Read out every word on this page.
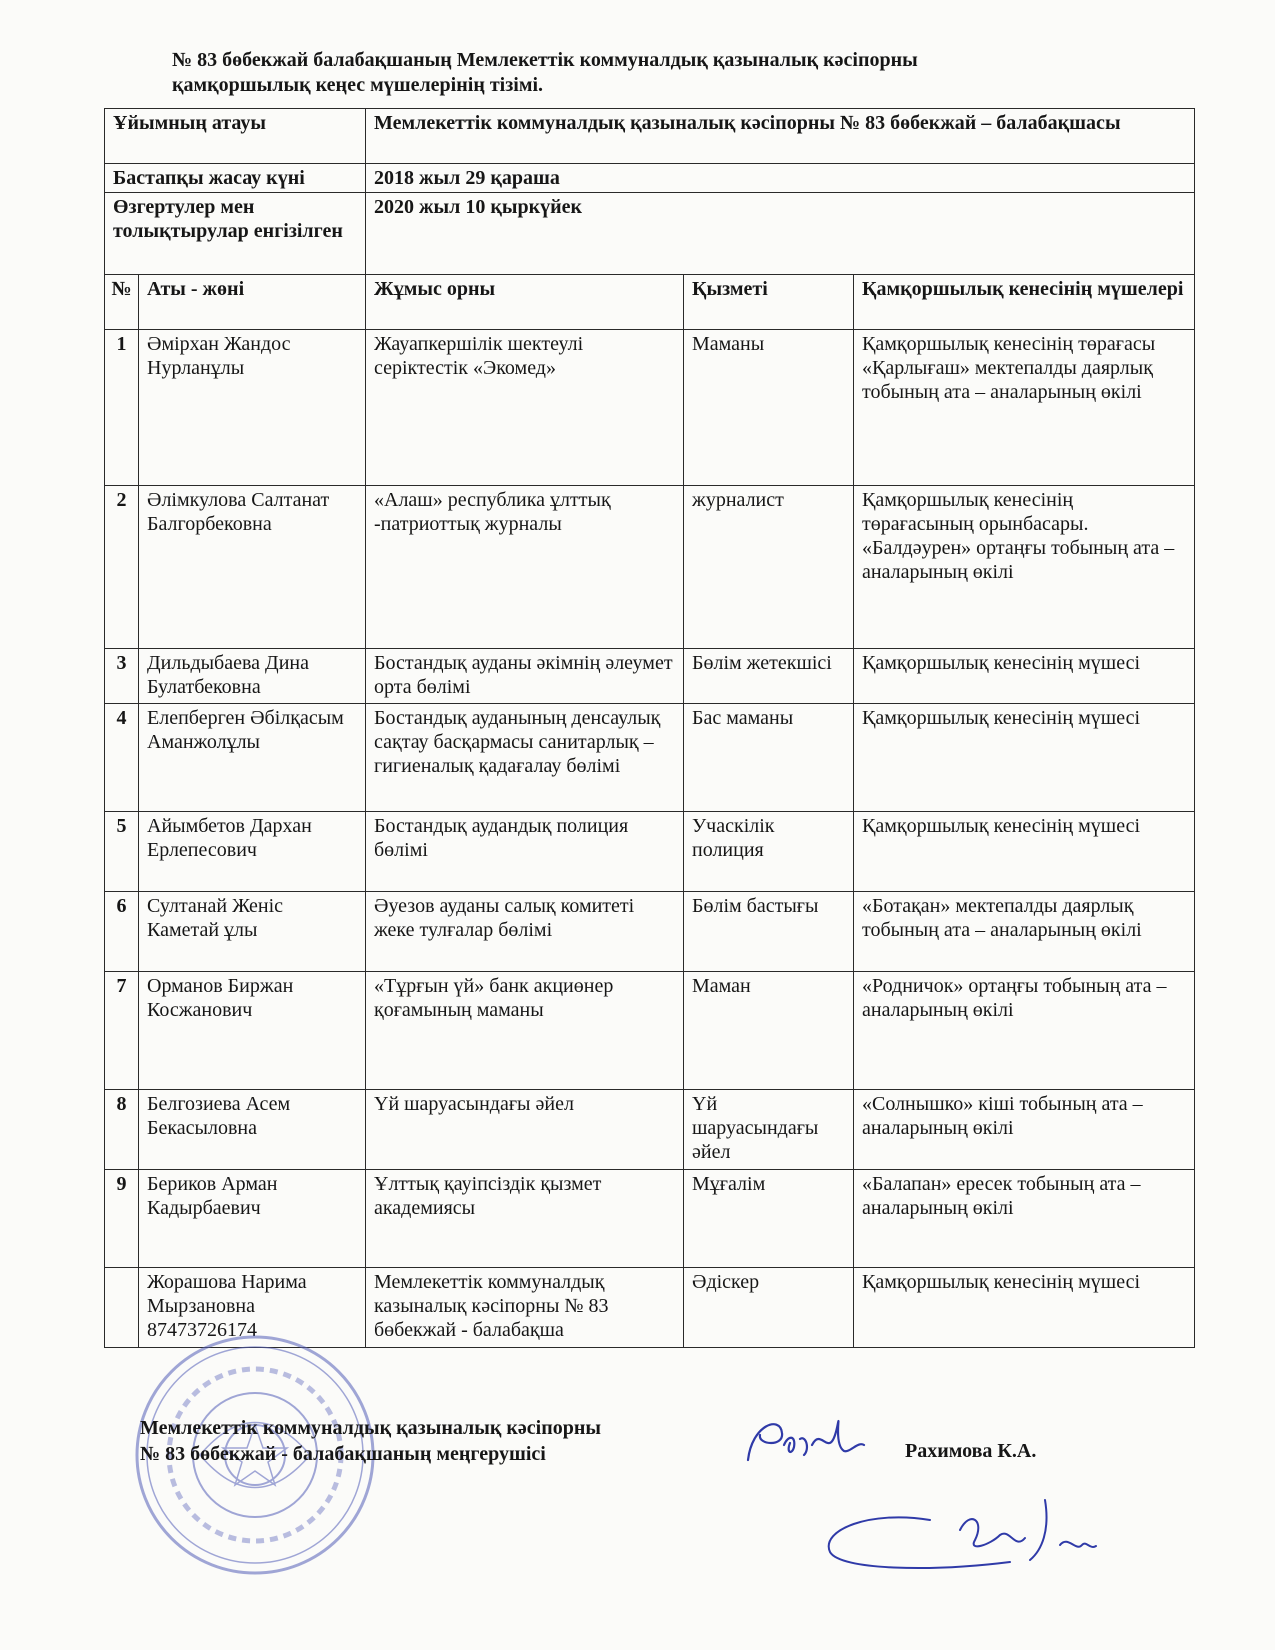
№ 83 бөбекжай балабақшаның Мемлекеттік коммуналдық қазыналық кәсіпорны
қамқоршылық кеңес мүшелерінің тізімі.
Ұйымның атауы		Мемлекеттік коммуналдық қазыналық кәсіпорны № 83 бөбекжай – балабақшасы		
Бастапқы жасау күні		2018 жыл 29 қараша		
Өзгертулер мен толықтырулар енгізілген		2020 жыл 10 қыркүйек		
№	Аты - жөні	Жұмыс орны	Қызметі	Қамқоршылық кенесінің мүшелері
1	Әмірхан Жандос Нурланұлы	Жауапкершілік шектеулі серіктестік «Экомед»	Маманы	Қамқоршылық кенесінің төрағасы «Қарлығаш» мектепалды даярлық тобының ата – аналарының өкілі
2	Әлімкулова Салтанат Балгорбековна	«Алаш» республика ұлттық -патриоттық журналы	журналист	Қамқоршылық кенесінің төрағасының орынбасары. «Балдәурен» ортаңғы тобының ата – аналарының өкілі
3	Дильдыбаева Дина Булатбековна	Бостандық ауданы әкімнің әлеумет орта бөлімі	Бөлім жетекшісі	Қамқоршылық кенесінің мүшесі
4	Елепберген Әбілқасым Аманжолұлы	Бостандық ауданының денсаулық сақтау басқармасы санитарлық – гигиеналық қадағалау бөлімі	Бас маманы	Қамқоршылық кенесінің мүшесі
5	Айымбетов Дархан Ерлепесович	Бостандық аудандық полиция бөлімі	Учаскілік полиция	Қамқоршылық кенесінің мүшесі
6	Султанай Женіс Каметай ұлы	Әуезов ауданы салық комитеті жеке тулғалар бөлімі	Бөлім бастығы	«Ботақан» мектепалды даярлық тобының ата – аналарының өкілі
7	Орманов Биржан Косжанович	«Тұрғын үй» банк акциөнер қоғамының маманы	Маман	«Родничок» ортаңғы тобының ата – аналарының өкілі
8	Белгозиева Асем Бекасыловна	Үй шаруасындағы әйел	Үй шаруасындағы әйел	«Солнышко» кіші тобының ата – аналарының өкілі
9	Бериков Арман Кадырбаевич	Ұлттық қауіпсіздік қызмет академиясы	Мұғалім	«Балапан» ересек тобының ата – аналарының өкілі
	Жорашова Нарима Мырзановна 87473726174	Мемлекеттік коммуналдық казыналық кәсіпорны № 83 бөбекжай - балабақша	Әдіскер	Қамқоршылық кенесінің мүшесі
Мемлекеттік коммуналдық қазыналық кәсіпорны
№ 83 бөбекжай - балабақшаның меңгерушісі	Рахимова К.А.
